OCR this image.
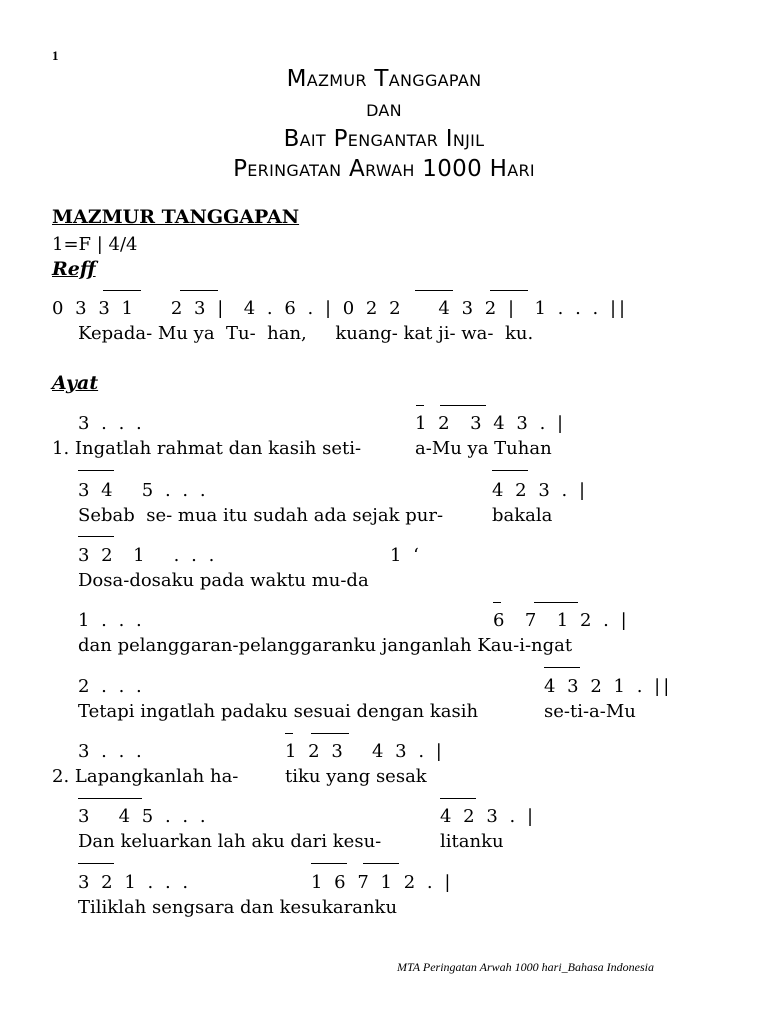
1
Mazmur Tanggapan
dan
Bait Pengantar Injil
Peringatan Arwah 1000 Hari
MAZMUR TANGGAPAN
1=F | 4/4
Reff
0 3 3 1    2 3 |  4 . 6 . | 0 2 2    4 3 2 |  1 . . . ||
Kepada- Mu ya  Tu-  han,     kuang- kat ji- wa-  ku.
Ayat
3 . . .	1 2  3 4 3 . |
1. Ingatlah rahmat dan kasih seti-	a-Mu ya Tuhan
3 4   5 . . .	4 2 3 . |
Sebab  se- mua itu sudah ada sejak pur-	bakala
3 2  1   . . .	1 ‘
Dosa-dosaku pada waktu mu-da
1 . . .	6  7  1 2 . |
dan pelanggaran-pelanggaranku janganlah Kau-i-ngat
2 . . .	4 3 2 1 . ||
Tetapi ingatlah padaku sesuai dengan kasih	se-ti-a-Mu
3 . . .	1 2 3   4 3 . |
2. Lapangkanlah ha-	tiku yang sesak
3   4 5 . . .	4 2 3 . |
Dan keluarkan lah aku dari kesu-	litanku
3 2 1 . . .	1 6 7 1 2 . |
Tiliklah sengsara dan kesukaranku
MTA Peringatan Arwah 1000 hari_Bahasa Indonesia
